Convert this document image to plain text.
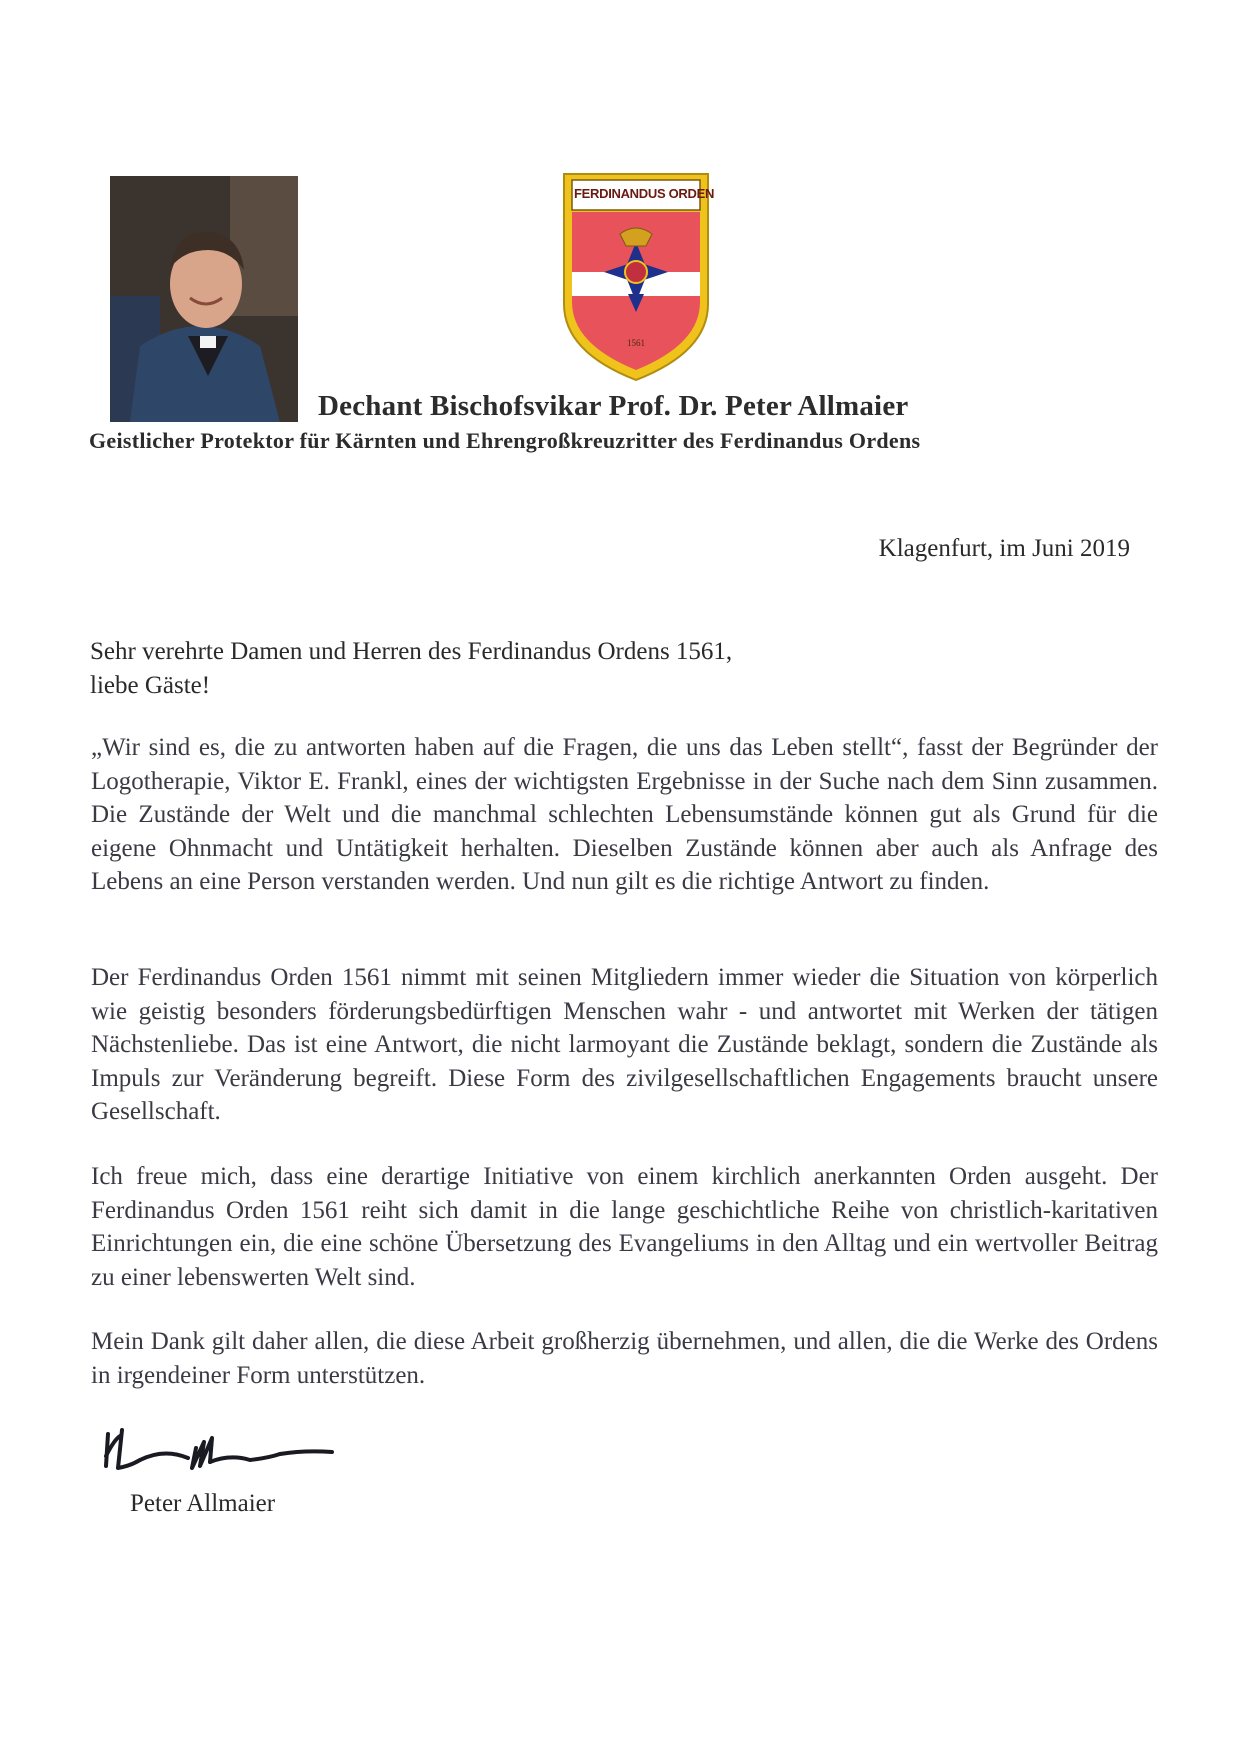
FERDINANDUS ORDEN
1561
Dechant Bischofsvikar Prof. Dr. Peter Allmaier
Geistlicher Protektor für Kärnten und Ehrengroßkreuzritter des Ferdinandus Ordens
Klagenfurt, im Juni 2019
Sehr verehrte Damen und Herren des Ferdinandus Ordens 1561,
liebe Gäste!

„Wir sind es, die zu antworten haben auf die Fragen, die uns das Leben stellt“, fasst der Begründer der Logotherapie, Viktor E. Frankl, eines der wichtigsten Ergebnisse in der Suche nach dem Sinn zusammen. Die Zustände der Welt und die manchmal schlechten Lebensumstände können gut als Grund für die eigene Ohnmacht und Untätigkeit herhalten. Dieselben Zustände können aber auch als Anfrage des Lebens an eine Person verstanden werden. Und nun gilt es die richtige Antwort zu finden.

Der Ferdinandus Orden 1561 nimmt mit seinen Mitgliedern immer wieder die Situation von körperlich wie geistig besonders förderungsbedürftigen Menschen wahr - und antwortet mit Werken der tätigen Nächstenliebe. Das ist eine Antwort, die nicht larmoyant die Zustände beklagt, sondern die Zustände als Impuls zur Veränderung begreift. Diese Form des zivilgesellschaftlichen Engagements braucht unsere Gesellschaft.

Ich freue mich, dass eine derartige Initiative von einem kirchlich anerkannten Orden ausgeht. Der Ferdinandus Orden 1561 reiht sich damit in die lange geschichtliche Reihe von christlich-karitativen Einrichtungen ein, die eine schöne Übersetzung des Evangeliums in den Alltag und ein wertvoller Beitrag zu einer lebenswerten Welt sind.

Mein Dank gilt daher allen, die diese Arbeit großherzig übernehmen, und allen, die die Werke des Ordens in irgendeiner Form unterstützen.

Peter Allmaier
